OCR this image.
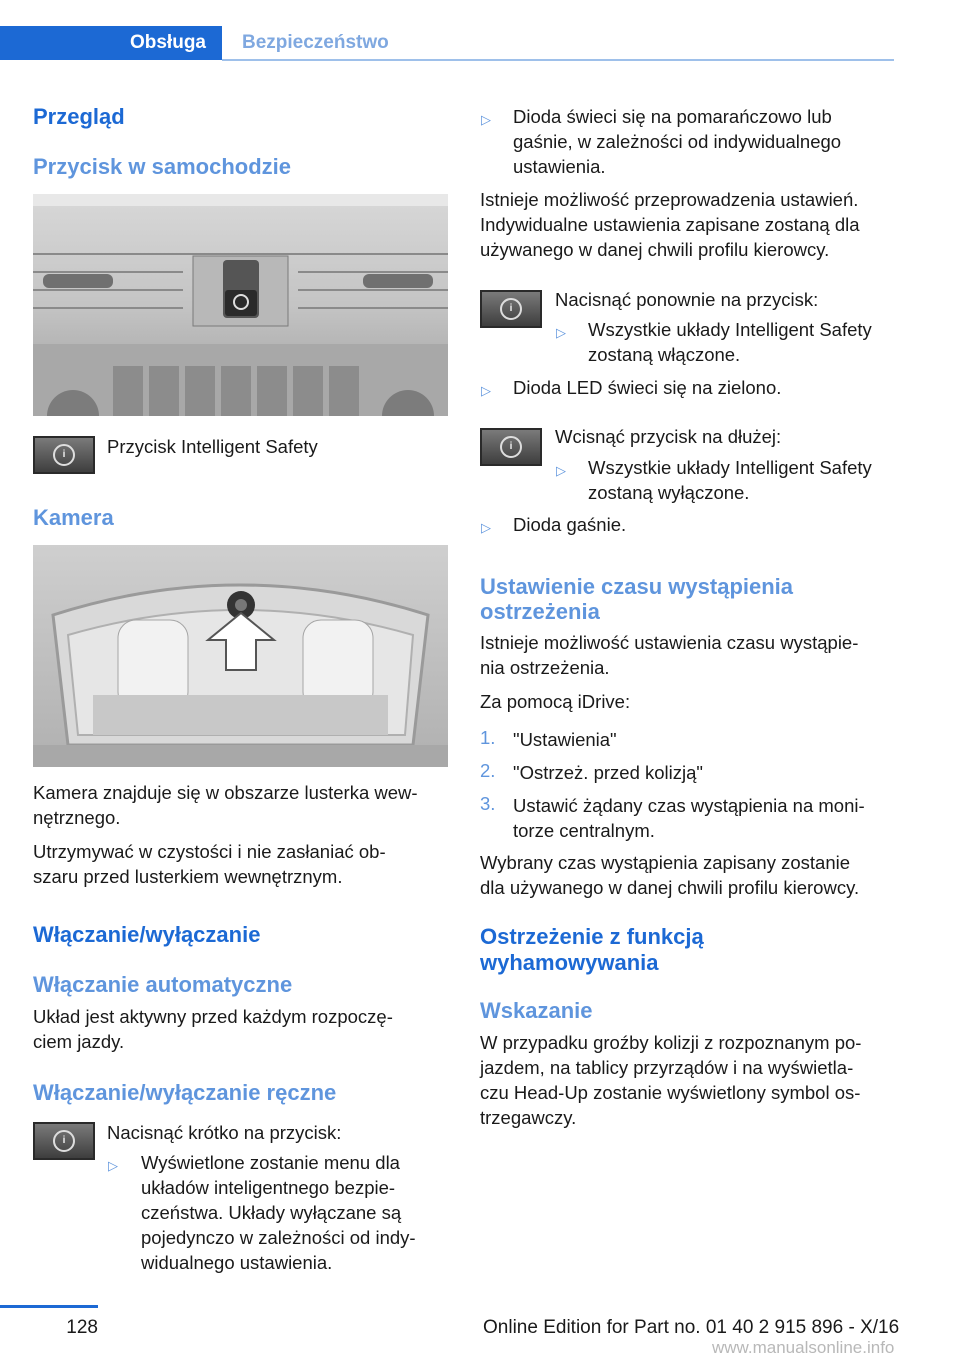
Obsługa	Bezpieczeństwo
Przegląd
Przycisk w samochodzie
i	Przycisk Intelligent Safety
Kamera
Kamera znajduje się w obszarze lusterka wew‐
nętrznego.
Utrzymywać w czystości i nie zasłaniać ob‐
szaru przed lusterkiem wewnętrznym.
Włączanie/wyłączanie
Włączanie automatyczne
Układ jest aktywny przed każdym rozpoczę‐
ciem jazdy.
Włączanie/wyłączanie ręczne
i	Nacisnąć krótko na przycisk:
▷ Wyświetlone zostanie menu dla
układów inteligentnego bezpie‐
czeństwa. Układy wyłączane są
pojedynczo w zależności od indy‐
widualnego ustawienia.
▷ Dioda świeci się na pomarańczowo lub
gaśnie, w zależności od indywidualnego
ustawienia.
Istnieje możliwość przeprowadzenia ustawień.
Indywidualne ustawienia zapisane zostaną dla
używanego w danej chwili profilu kierowcy.
i	Nacisnąć ponownie na przycisk:
▷ Wszystkie układy Intelligent Safety
zostaną włączone.
▷ Dioda LED świeci się na zielono.
i	Wcisnąć przycisk na dłużej:
▷ Wszystkie układy Intelligent Safety
zostaną wyłączone.
▷ Dioda gaśnie.
Ustawienie czasu wystąpienia
ostrzeżenia
Istnieje możliwość ustawienia czasu wystąpie‐
nia ostrzeżenia.
Za pomocą iDrive:
1. "Ustawienia"
2. "Ostrzeż. przed kolizją"
3. Ustawić żądany czas wystąpienia na moni‐
torze centralnym.
Wybrany czas wystąpienia zapisany zostanie
dla używanego w danej chwili profilu kierowcy.
Ostrzeżenie z funkcją
wyhamowywania
Wskazanie
W przypadku groźby kolizji z rozpoznanym po‐
jazdem, na tablicy przyrządów i na wyświetla‐
czu Head-Up zostanie wyświetlony symbol os‐
trzegawczy.
128	Online Edition for Part no. 01 40 2 915 896 - X/16
www.manualsonline.info
